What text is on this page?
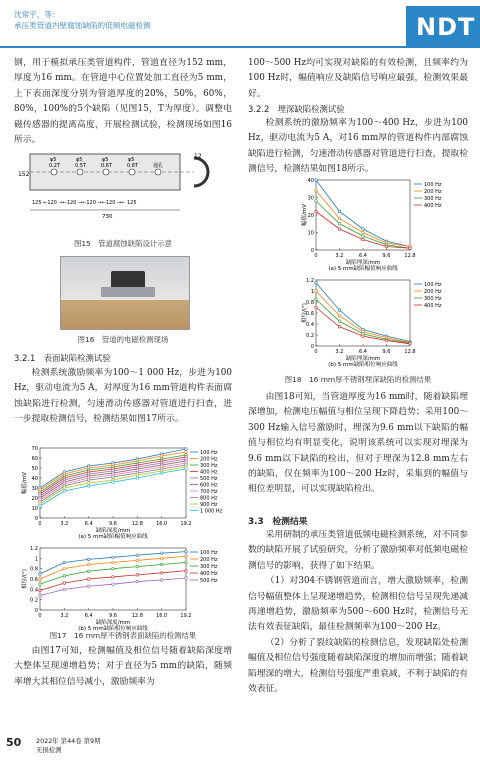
沈常宇，等：
承压类管道内壁腐蚀缺陷的低频电磁检测	NDT

钢，用于模拟承压类管道构件，管道直径为152 mm，厚度为16 mm。在管道中心位置处加工直径为5 mm，上下表面深度分别为管道厚度的20%，50%，60%，80%，100%的5个缺陷（见图15，T为厚度）。调整电磁传感器的提离高度，开展检测试验，检测现场如图16所示。

φ5
0.2T
φ5
0.5T
φ5
0.6T
φ5
0.8T	通孔
152
12
125 ←120 →←120 →←120 →←120 →← 125
730
图15　管道腐蚀缺陷设计示意
图16　管道的电磁检测现场
3.2.1　表面缺陷检测试验

检测系统激励频率为100～1 000 Hz，步进为100 Hz，驱动电流为5 A，对厚度为16 mm管道构件表面腐蚀缺陷进行检测，匀速滑动传感器对管道进行扫查，进一步提取检测信号，检测结果如图17所示。

0
10
20
30
40
50
60
70
0	3.2	6.4	9.6	12.8	16.0	19.2
缺陷深度/mm
幅值/mV
(a) 5 mm缺陷幅值响应曲线
100 Hz
200 Hz
300 Hz
400 Hz
500 Hz
600 Hz
700 Hz
800 Hz
900 Hz
1 000 Hz
0
0.2
0.4
0.6
0.8
1
1.2
0	3.2	6.4	9.6	12.8	16.0	19.2
缺陷深度/mm
相位/(°)
(b) 5 mm缺陷相位响应曲线
100 Hz
200 Hz
300 Hz
400 Hz
500 Hz
图17　16 mm厚不锈钢表面缺陷的检测结果

由图17可知，检测幅值及相位信号随着缺陷深度增大整体呈现递增趋势；对于直径为5 mm的缺陷，随频率增大其相位信号减小，激励频率为

100～500 Hz均可实现对缺陷的有效检测，且频率约为100 Hz时，幅值响应及缺陷信号响应最强，检测效果最好。

3.2.2　埋深缺陷检测试验

检测系统的激励频率为100～400 Hz，步进为100 Hz，驱动电流为5 A，对16 mm厚的管道构件内部腐蚀缺陷进行检测，匀速滑动传感器对管道进行扫查，提取检测信号，检测结果如图18所示。

0
10
20
30
40
0	3.2	6.4	9.6	12.8
缺陷埋深/mm
幅值/mV
(a) 5 mm缺陷幅值响应曲线
100 Hz
200 Hz
300 Hz
400 Hz
0
0.2
0.4
0.6
0.8
1
1.2
0	3.2	6.4	9.6	12.8
缺陷埋深/mm
相位/(°)
(b) 5 mm缺陷相位响应曲线
100 Hz
200 Hz
300 Hz
400 Hz
图18　16 mm厚不锈钢埋深缺陷的检测结果

由图18可知，当管道厚度为16 mm时，随着缺陷埋深增加，检测电压幅值与相位呈现下降趋势；采用100～300 Hz输入信号激励时，埋深为9.6 mm以下缺陷的幅值与相位均有明显变化，说明该系统可以实现对埋深为9.6 mm以下缺陷的检出，但对于埋深为12.8 mm左右的缺陷，仅在频率为100～200 Hz时，采集到的幅值与相位差明显，可以实现缺陷检出。

3.3　检测结果

采用研制的承压类管道低频电磁检测系统，对不同参数的缺陷开展了试验研究，分析了激励频率对低频电磁检测信号的影响，获得了如下结果。

（1）对304不锈钢管道而言，增大激励频率，检测信号幅值整体上呈现递增趋势，检测相位信号呈现先递减再递增趋势，激励频率为500～600 Hz时，检测信号无法有效表征缺陷，最佳检测频率为100～200 Hz。

（2）分析了裂纹缺陷的检测信息，发现缺陷处检测幅值及相位信号强度随着缺陷深度的增加而增强；随着缺陷埋深的增大，检测信号强度严重衰减，不利于缺陷的有效表征。

50 2022年 第44卷 第9期
无损检测
